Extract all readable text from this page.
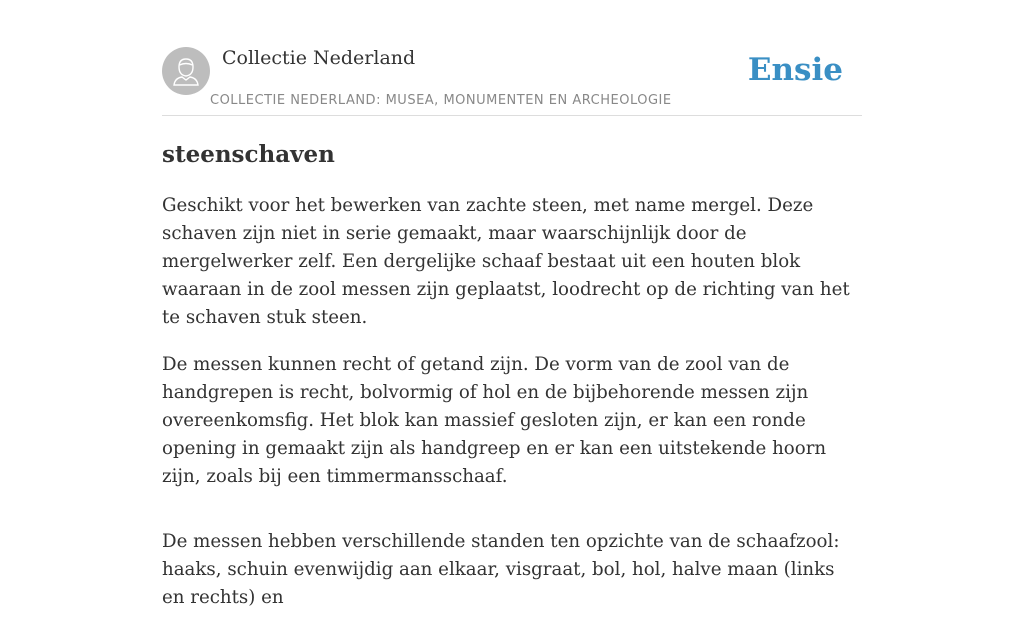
Collectie Nederland
COLLECTIE NEDERLAND: MUSEA, MONUMENTEN EN ARCHEOLOGIE
Ensie
steenschaven

Geschikt voor het bewerken van zachte steen, met name mergel. Deze schaven zijn niet in serie gemaakt, maar waarschijnlijk door de mergelwerker zelf. Een dergelijke schaaf bestaat uit een houten blok waaraan in de zool messen zijn geplaatst, loodrecht op de richting van het te schaven stuk steen.

De messen kunnen recht of getand zijn. De vorm van de zool van de handgrepen is recht, bolvormig of hol en de bijbehorende messen zijn overeenkomsfig. Het blok kan massief gesloten zijn, er kan een ronde opening in gemaakt zijn als handgreep en er kan een uitstekende hoorn zijn, zoals bij een timmermansschaaf.

De messen hebben verschillende standen ten opzichte van de schaafzool: haaks, schuin evenwijdig aan elkaar, visgraat, bol, hol, halve maan (links en rechts) en
